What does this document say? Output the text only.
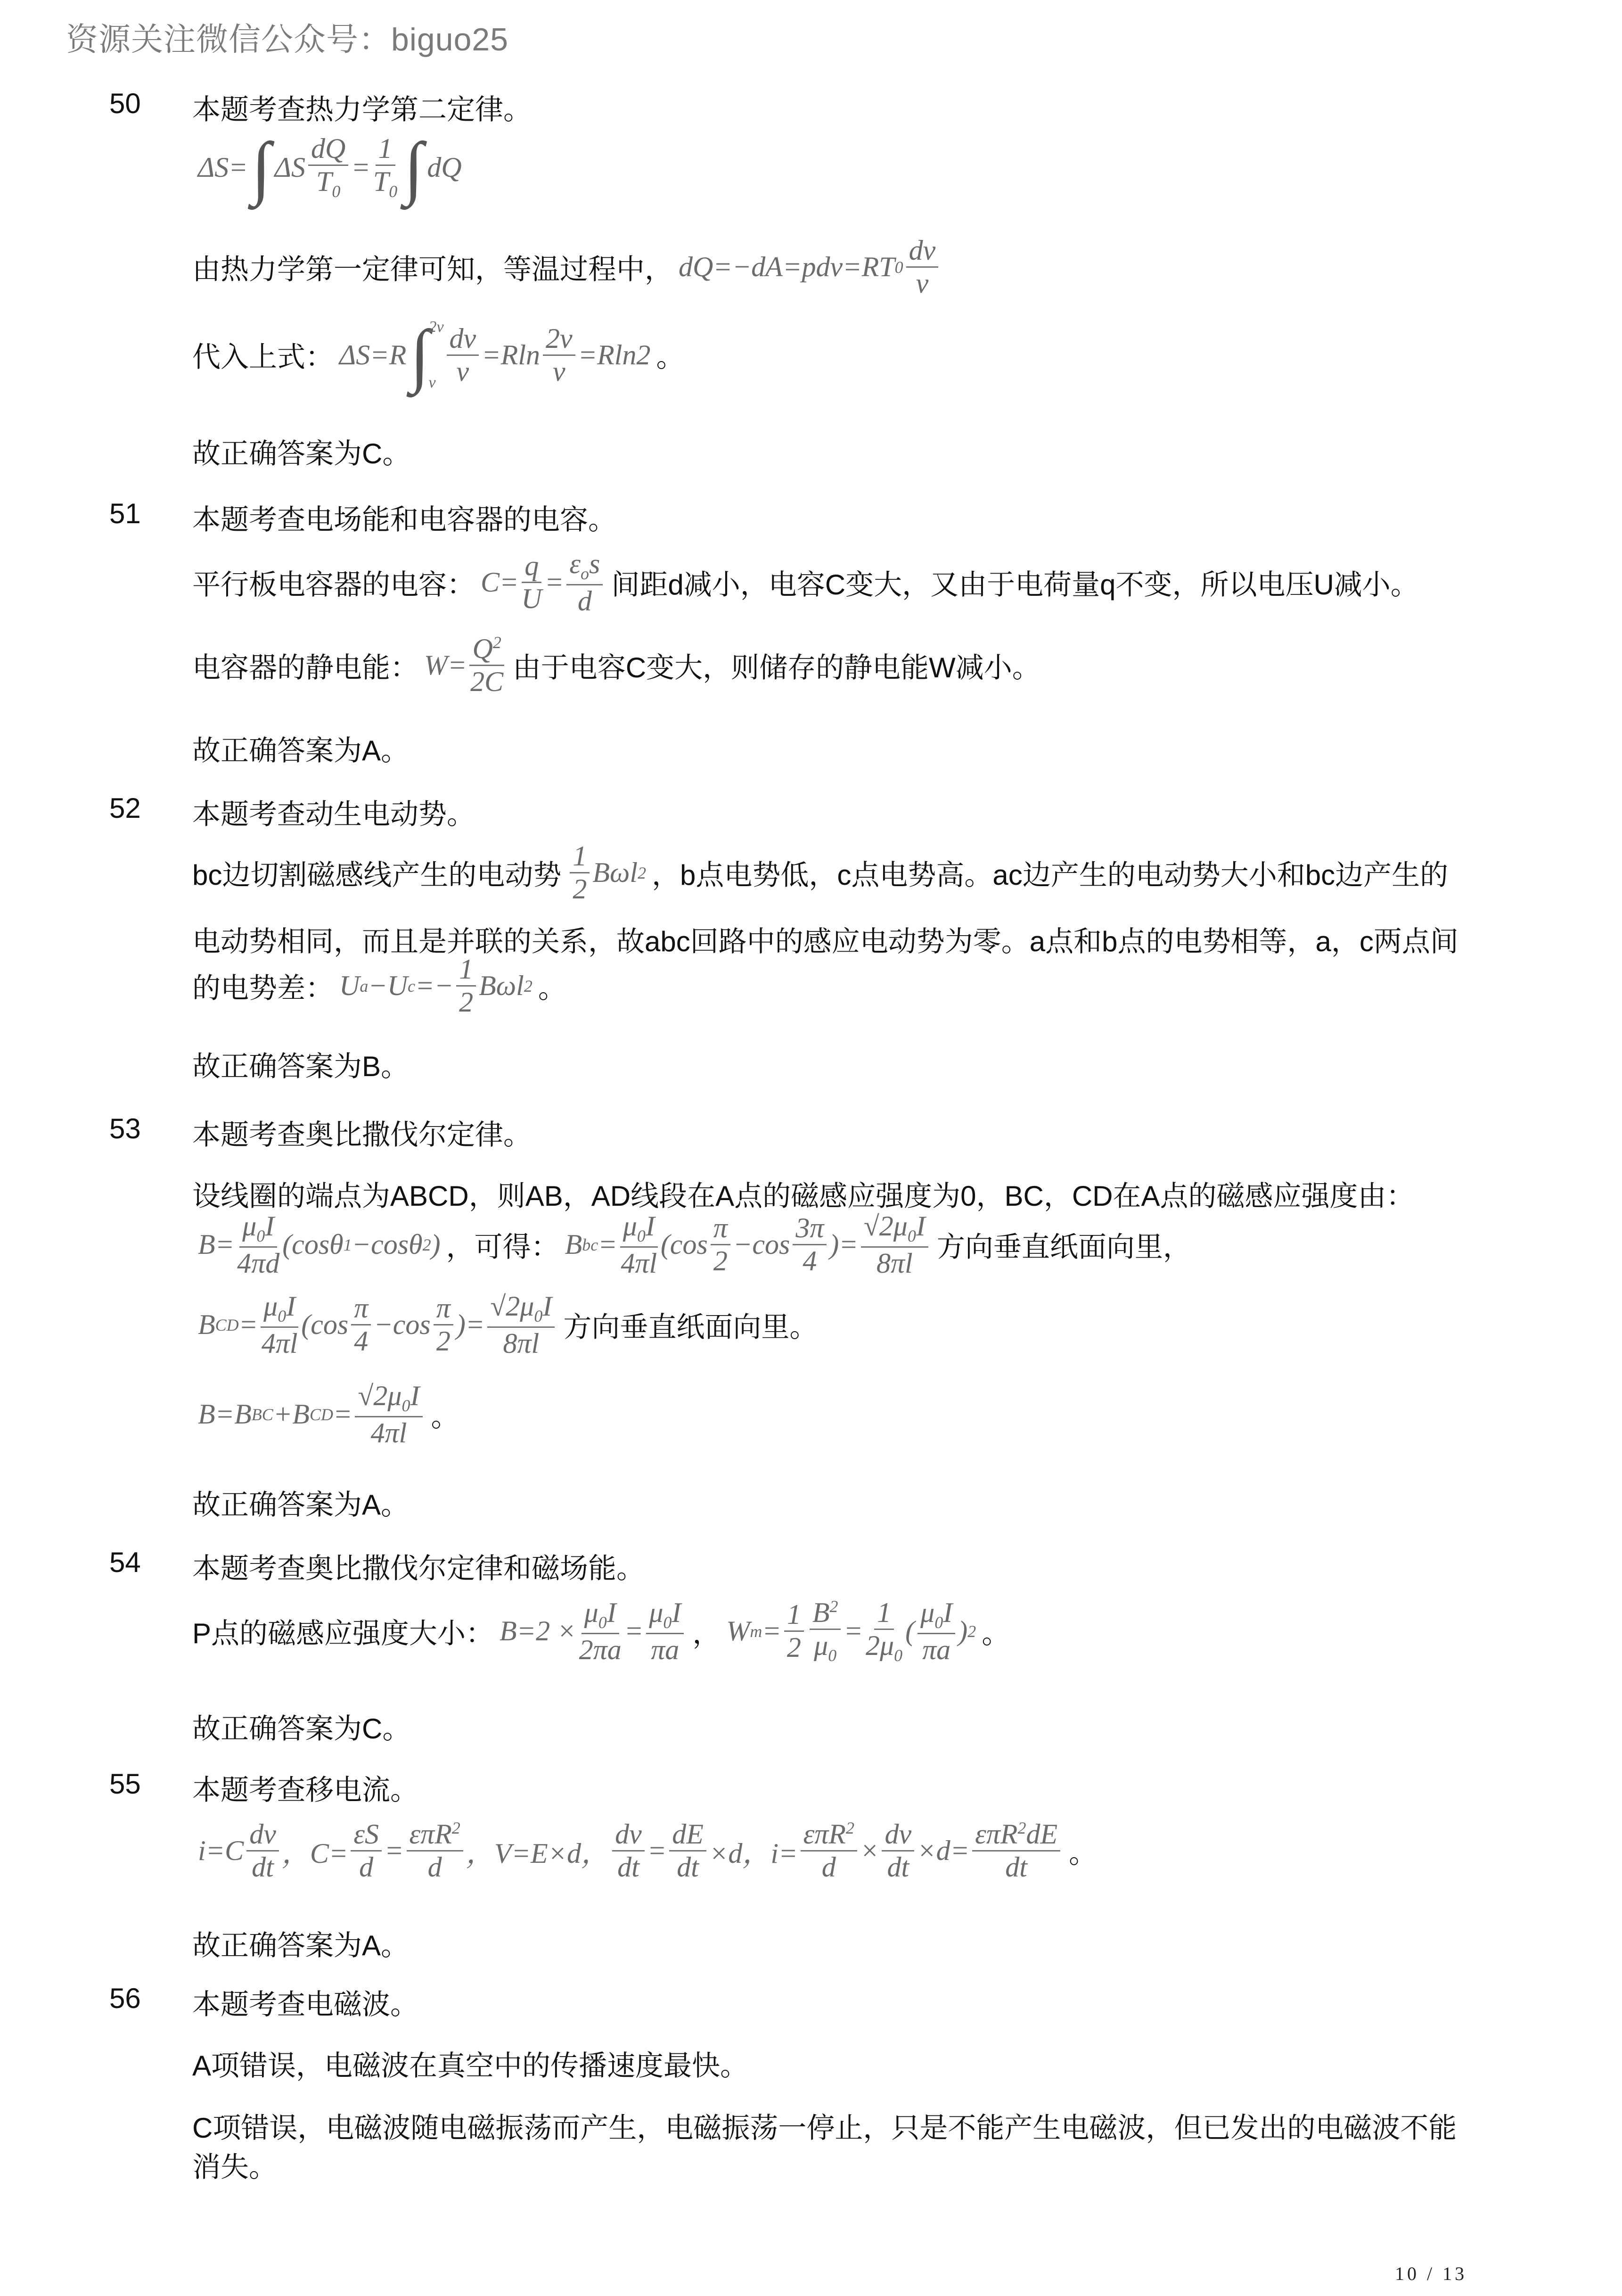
资源关注微信公众号：biguo25
50 本题考查热力学第二定律。
ΔS= ∫ ΔS $\frac{dQ}{T_0} = \frac{1}{T_0}$ ∫ dQ
由热力学第一定律可知，等温过程中， dQ=−dA=pdv=RT $0 \frac{dv}{v}$
代入上式： ΔS=R ∫
2v
v $\frac{dv}{v} =Rln \frac{2v}{v} =Rln2$ 。
故正确答案为C。
51 本题考查电场能和电容器的电容。
平行板电容器的电容： $C= \frac{q}{U} = \frac{\varepsilon_os}{d}$ 间距d减小，电容C变大，又由于电荷量q不变，所以电压U减小。
电容器的静电能： $W= \frac{Q^2}{2C}$ 由于电容C变大，则储存的静电能W减小。
故正确答案为A。
52 本题考查动生电动势。
bc边切割磁感线产生的电动势 $\frac{1}{2}$ Bωl 2 ，b点电势低，c点电势高。ac边产生的电动势大小和bc边产生的
电动势相同，而且是并联的关系，故abc回路中的感应电动势为零。a点和b点的电势相等，a，c两点间
的电势差： U a −U $c =- \frac{1}{2}$ Bωl 2 。
故正确答案为B。
53 本题考查奥比撒伐尔定律。
设线圈的端点为ABCD，则AB，AD线段在A点的磁感应强度为0，BC，CD在A点的磁感应强度由：
$B= \frac{\mu_0I}{4\pi d} (\cos\theta$ 1 −cosθ 2 ) ，可得： B bc = $\frac{\mu_0I}{4\pi l} (\cos \frac{\pi}{2} -\cos \frac{3\pi}{4}$ )= $\frac{√2\mu_0I}{8\pi l}$ 方向垂直纸面向里，
B CD = $\frac{\mu_0I}{4\pi l} (\cos \frac{\pi}{4} -\cos \frac{\pi}{2}$ )= $\frac{√2\mu_0I}{8\pi l}$ 方向垂直纸面向里。
B=B BC +B CD = $\frac{√2\mu_0I}{4\pi l}$ 。
故正确答案为A。
54 本题考查奥比撒伐尔定律和磁场能。
P点的磁感应强度大小： $B=2 \times \frac{\mu_0I}{2\pi a} = \frac{\mu_0I}{\pi a}$ ， W $m = \frac{1}{2} \frac{B^2}{\mu_0} = \frac{1}{2\mu_0}$ ( $\frac{\mu_0I}{\pi a}$ ) 2 。
故正确答案为C。
55 本题考查移电流。
$i=C \frac{dv}{dt}$ ，$C= \frac{\varepsilon S}{d} = \frac{\varepsilon\pi R^2}{d}$ ，V=E×d， $\frac{dv}{dt} = \frac{dE}{dt} \times d$，$i= \frac{\varepsilon\pi R^2}{d} \times \frac{dv}{dt} \times d= \frac{\varepsilon\pi R^2dE}{dt}$ 。
故正确答案为A。
56 本题考查电磁波。
A项错误，电磁波在真空中的传播速度最快。
C项错误，电磁波随电磁振荡而产生，电磁振荡一停止，只是不能产生电磁波，但已发出的电磁波不能
消失。
10 / 13
